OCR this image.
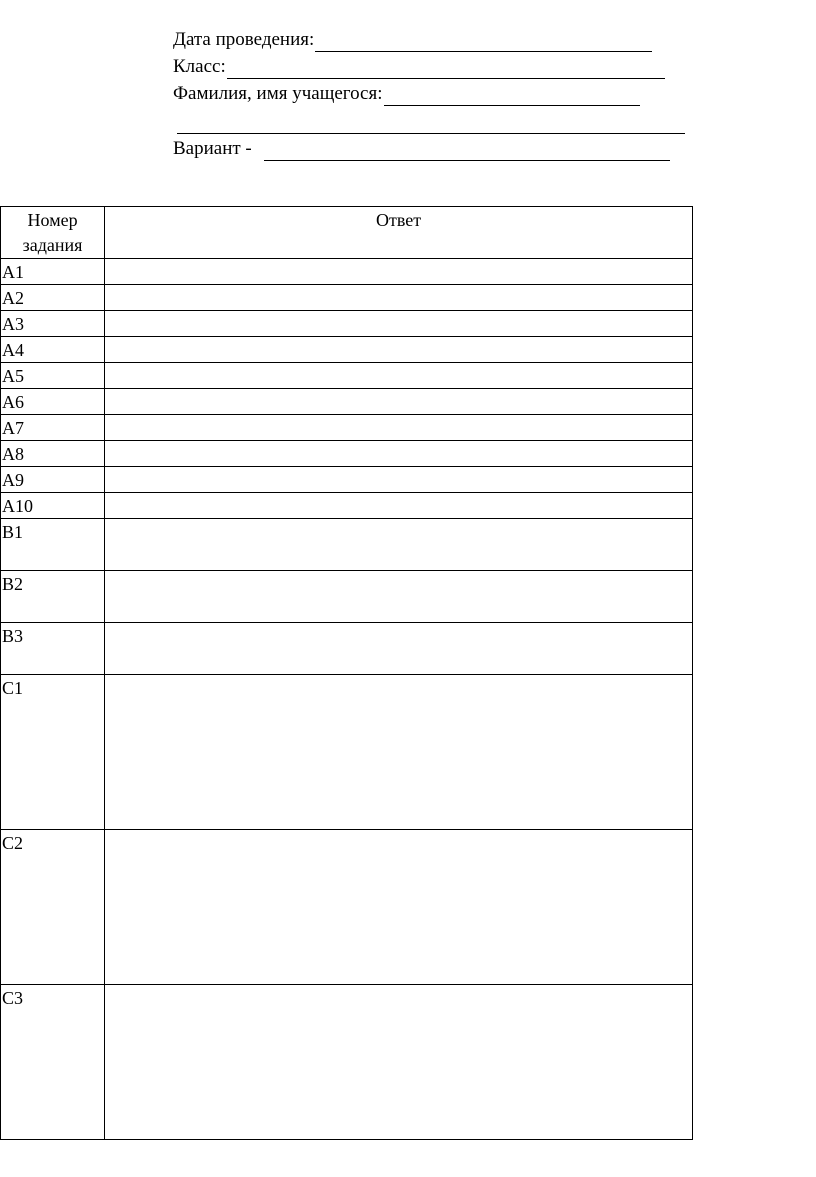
Дата проведения:
Класс:
Фамилия, имя учащегося:
Вариант -
Номер задания	Ответ
А1	
А2	
А3	
А4	
А5	
А6	
А7	
А8	
А9	
А10	
В1	
В2	
В3	
С1	
С2	
С3	
